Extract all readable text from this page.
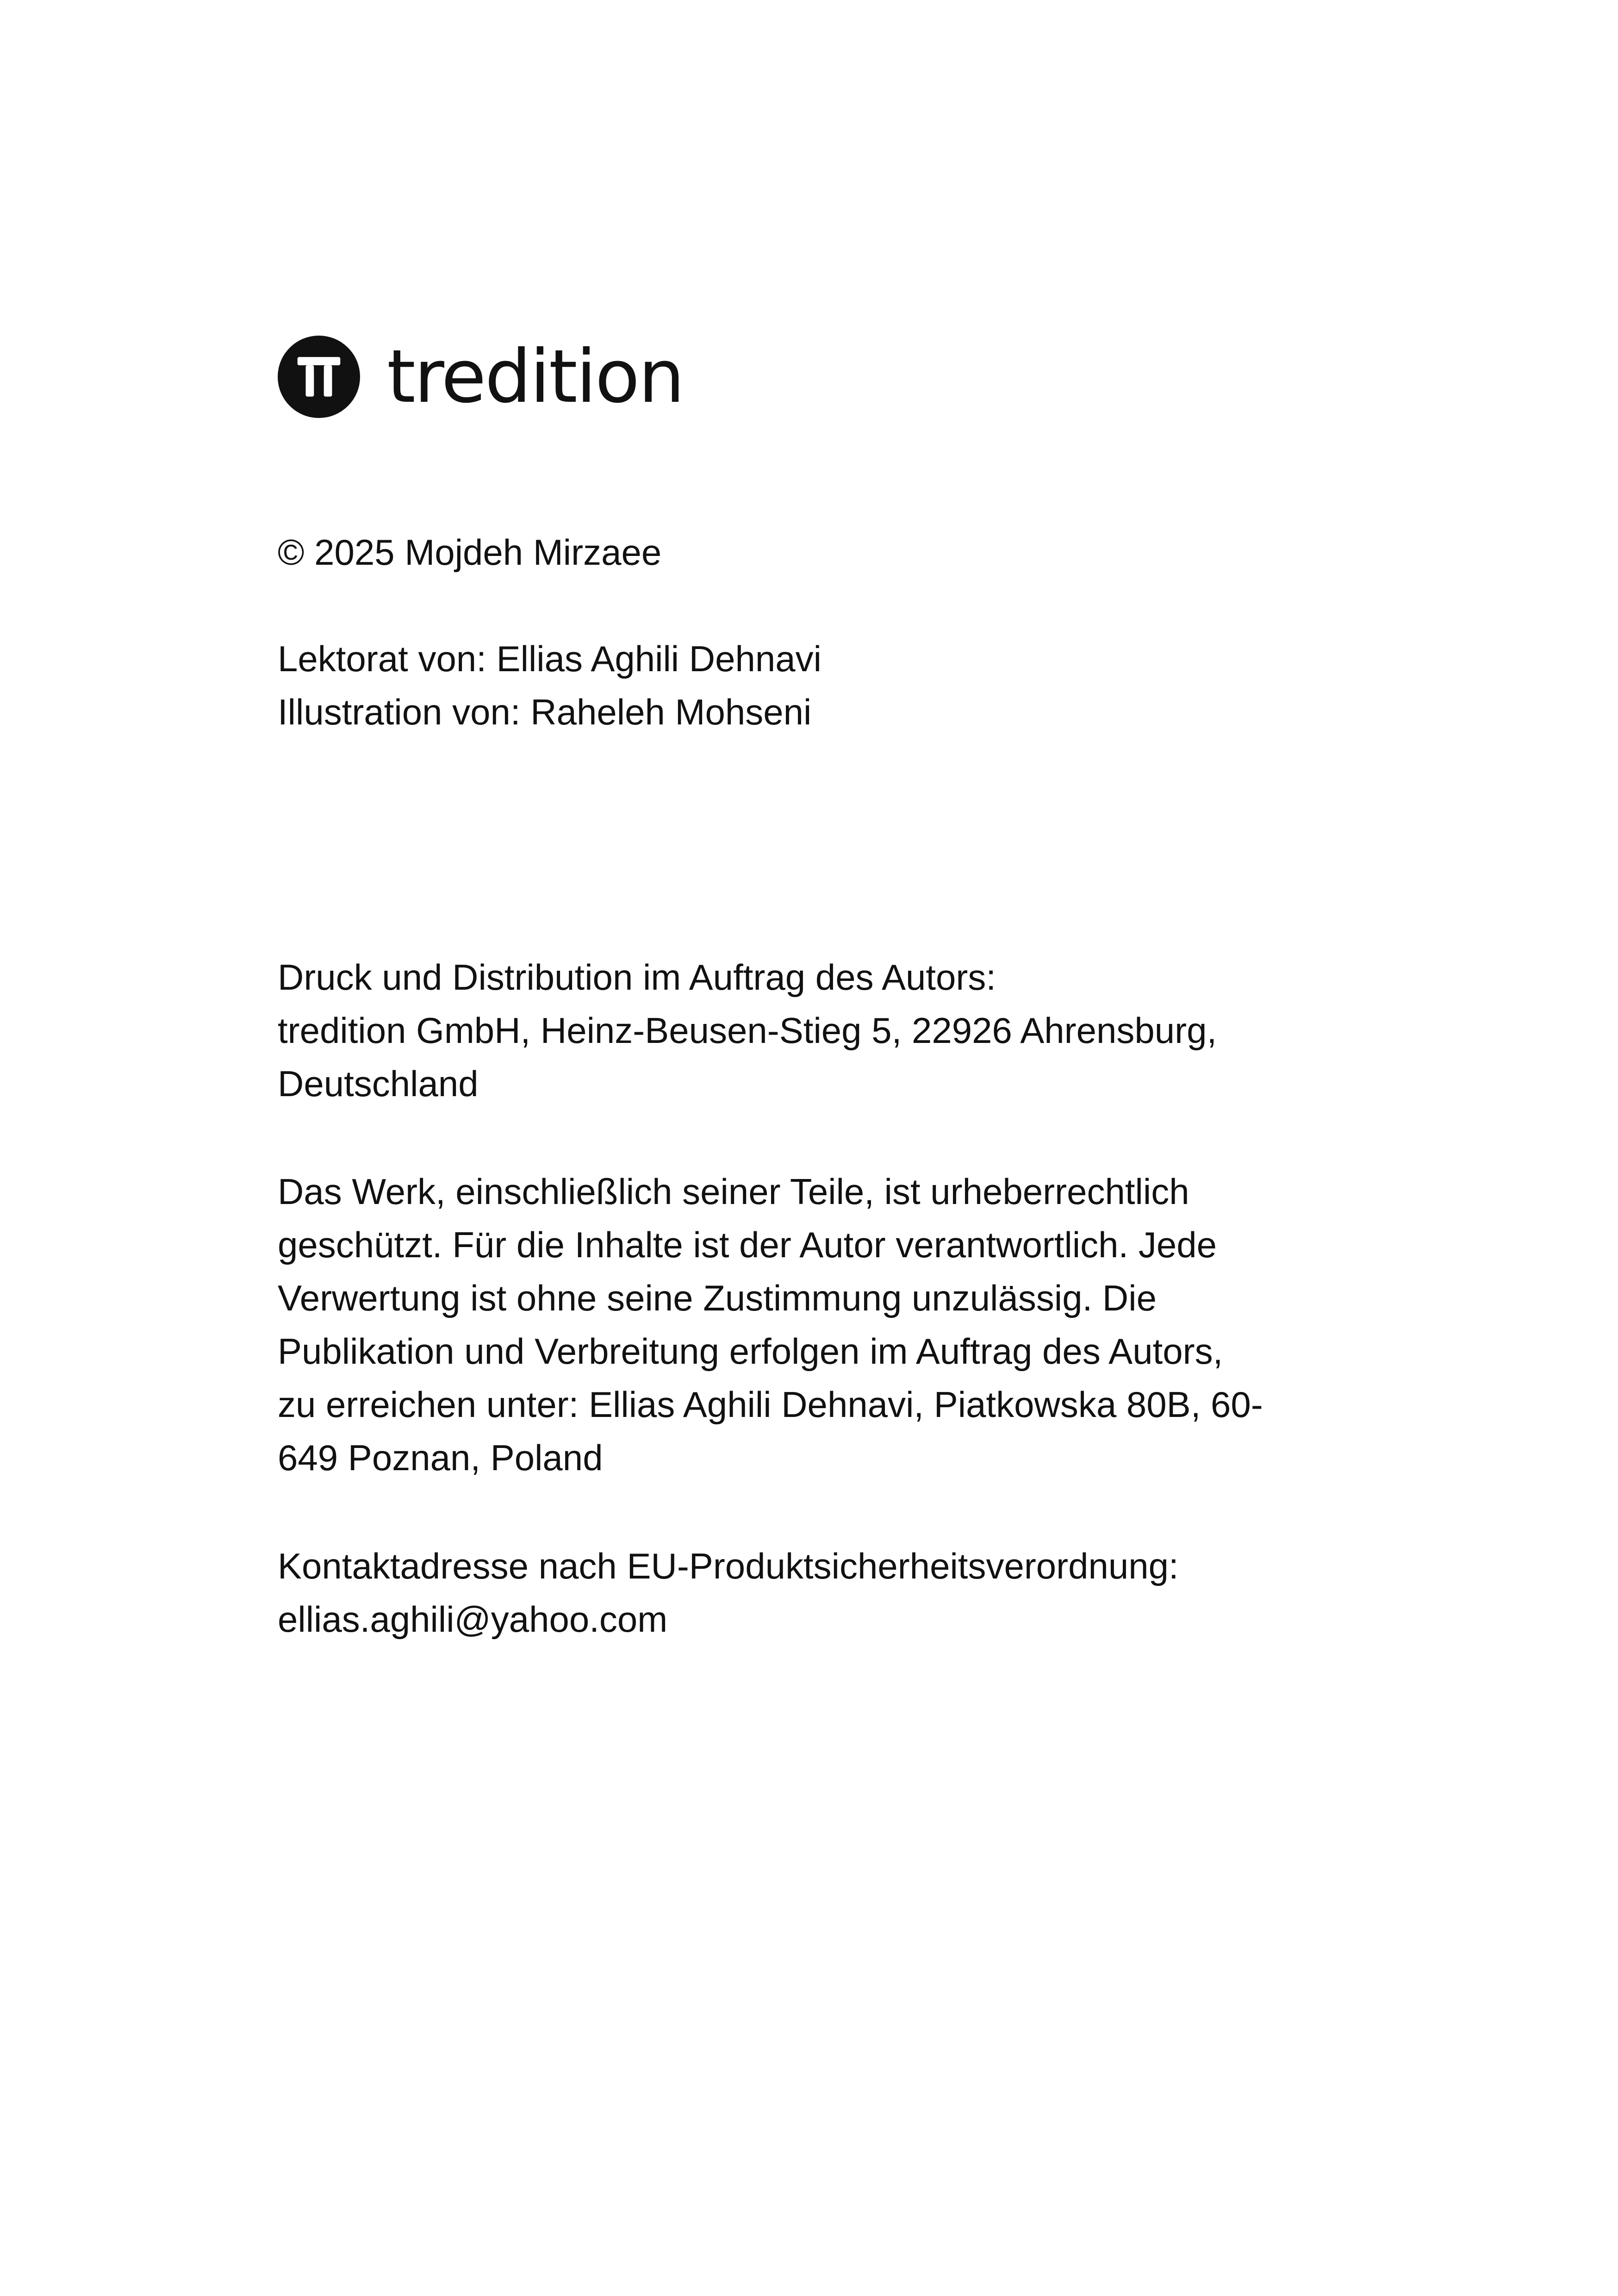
tredition
© 2025 Mojdeh Mirzaee
Lektorat von: Ellias Aghili Dehnavi
Illustration von: Raheleh Mohseni
Druck und Distribution im Auftrag des Autors:
tredition GmbH, Heinz-Beusen-Stieg 5, 22926 Ahrensburg,
Deutschland
Das Werk, einschließlich seiner Teile, ist urheberrechtlich
geschützt. Für die Inhalte ist der Autor verantwortlich. Jede
Verwertung ist ohne seine Zustimmung unzulässig. Die
Publikation und Verbreitung erfolgen im Auftrag des Autors,
zu erreichen unter: Ellias Aghili Dehnavi, Piatkowska 80B, 60-
649 Poznan, Poland
Kontaktadresse nach EU-Produktsicherheitsverordnung:
ellias.aghili@yahoo.com
